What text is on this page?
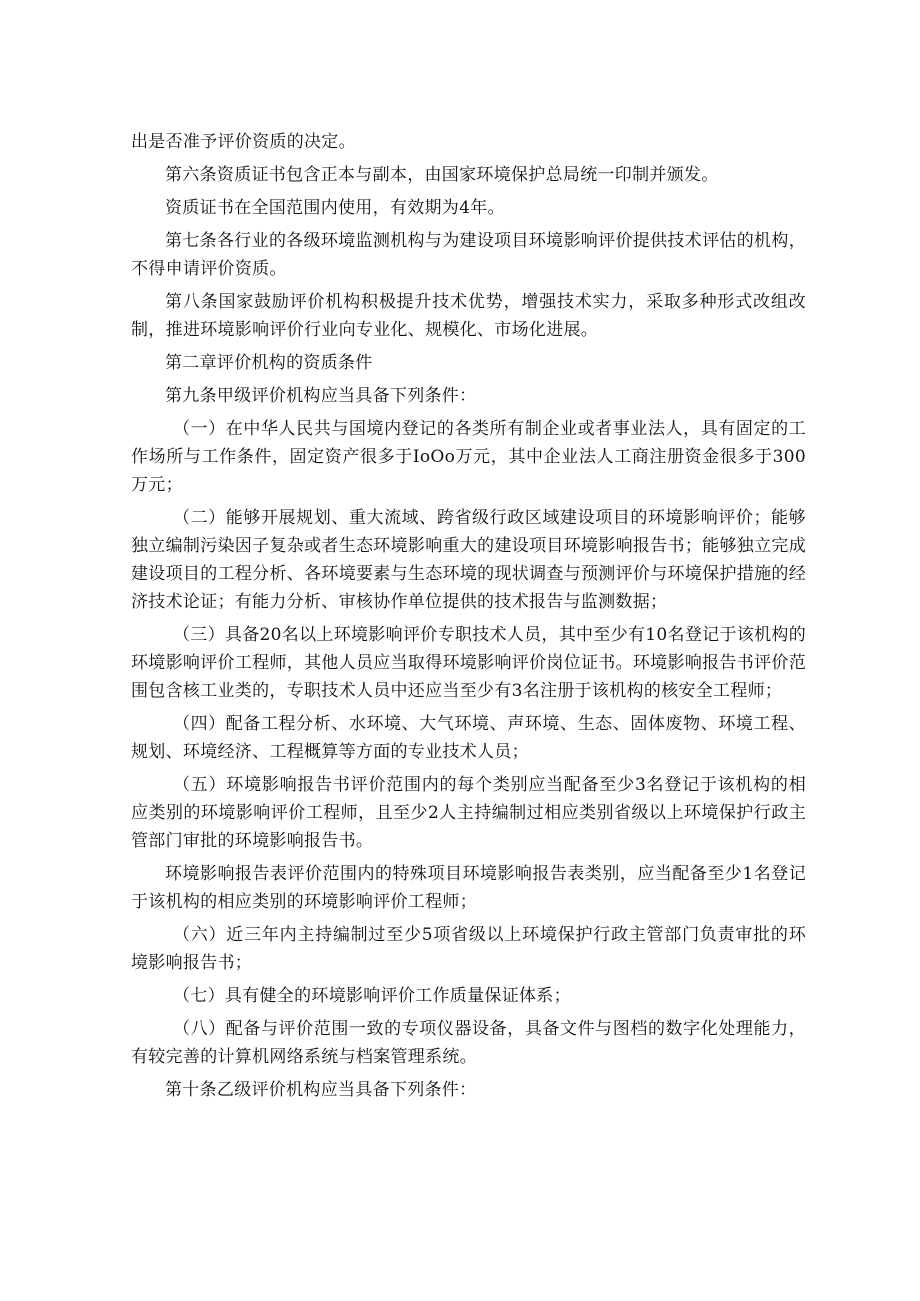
出是否准予评价资质的决定。

第六条资质证书包含正本与副本，由国家环境保护总局统一印制并颁发。

资质证书在全国范围内使用，有效期为4年。

第七条各行业的各级环境监测机构与为建设项目环境影响评价提供技术评估的机构，不得申请评价资质。

第八条国家鼓励评价机构积极提升技术优势，增强技术实力，采取多种形式改组改制，推进环境影响评价行业向专业化、规模化、市场化进展。

第二章评价机构的资质条件

第九条甲级评价机构应当具备下列条件：

（一）在中华人民共与国境内登记的各类所有制企业或者事业法人，具有固定的工作场所与工作条件，固定资产很多于IoOo万元，其中企业法人工商注册资金很多于300万元；

（二）能够开展规划、重大流域、跨省级行政区域建设项目的环境影响评价；能够独立编制污染因子复杂或者生态环境影响重大的建设项目环境影响报告书；能够独立完成建设项目的工程分析、各环境要素与生态环境的现状调查与预测评价与环境保护措施的经济技术论证；有能力分析、审核协作单位提供的技术报告与监测数据；

（三）具备20名以上环境影响评价专职技术人员，其中至少有10名登记于该机构的环境影响评价工程师，其他人员应当取得环境影响评价岗位证书。环境影响报告书评价范围包含核工业类的，专职技术人员中还应当至少有3名注册于该机构的核安全工程师；

（四）配备工程分析、水环境、大气环境、声环境、生态、固体废物、环境工程、规划、环境经济、工程概算等方面的专业技术人员；

（五）环境影响报告书评价范围内的每个类别应当配备至少3名登记于该机构的相应类别的环境影响评价工程师，且至少2人主持编制过相应类别省级以上环境保护行政主管部门审批的环境影响报告书。

环境影响报告表评价范围内的特殊项目环境影响报告表类别，应当配备至少1名登记于该机构的相应类别的环境影响评价工程师；

（六）近三年内主持编制过至少5项省级以上环境保护行政主管部门负责审批的环境影响报告书；

（七）具有健全的环境影响评价工作质量保证体系；

（八）配备与评价范围一致的专项仪器设备，具备文件与图档的数字化处理能力，有较完善的计算机网络系统与档案管理系统。

第十条乙级评价机构应当具备下列条件：
